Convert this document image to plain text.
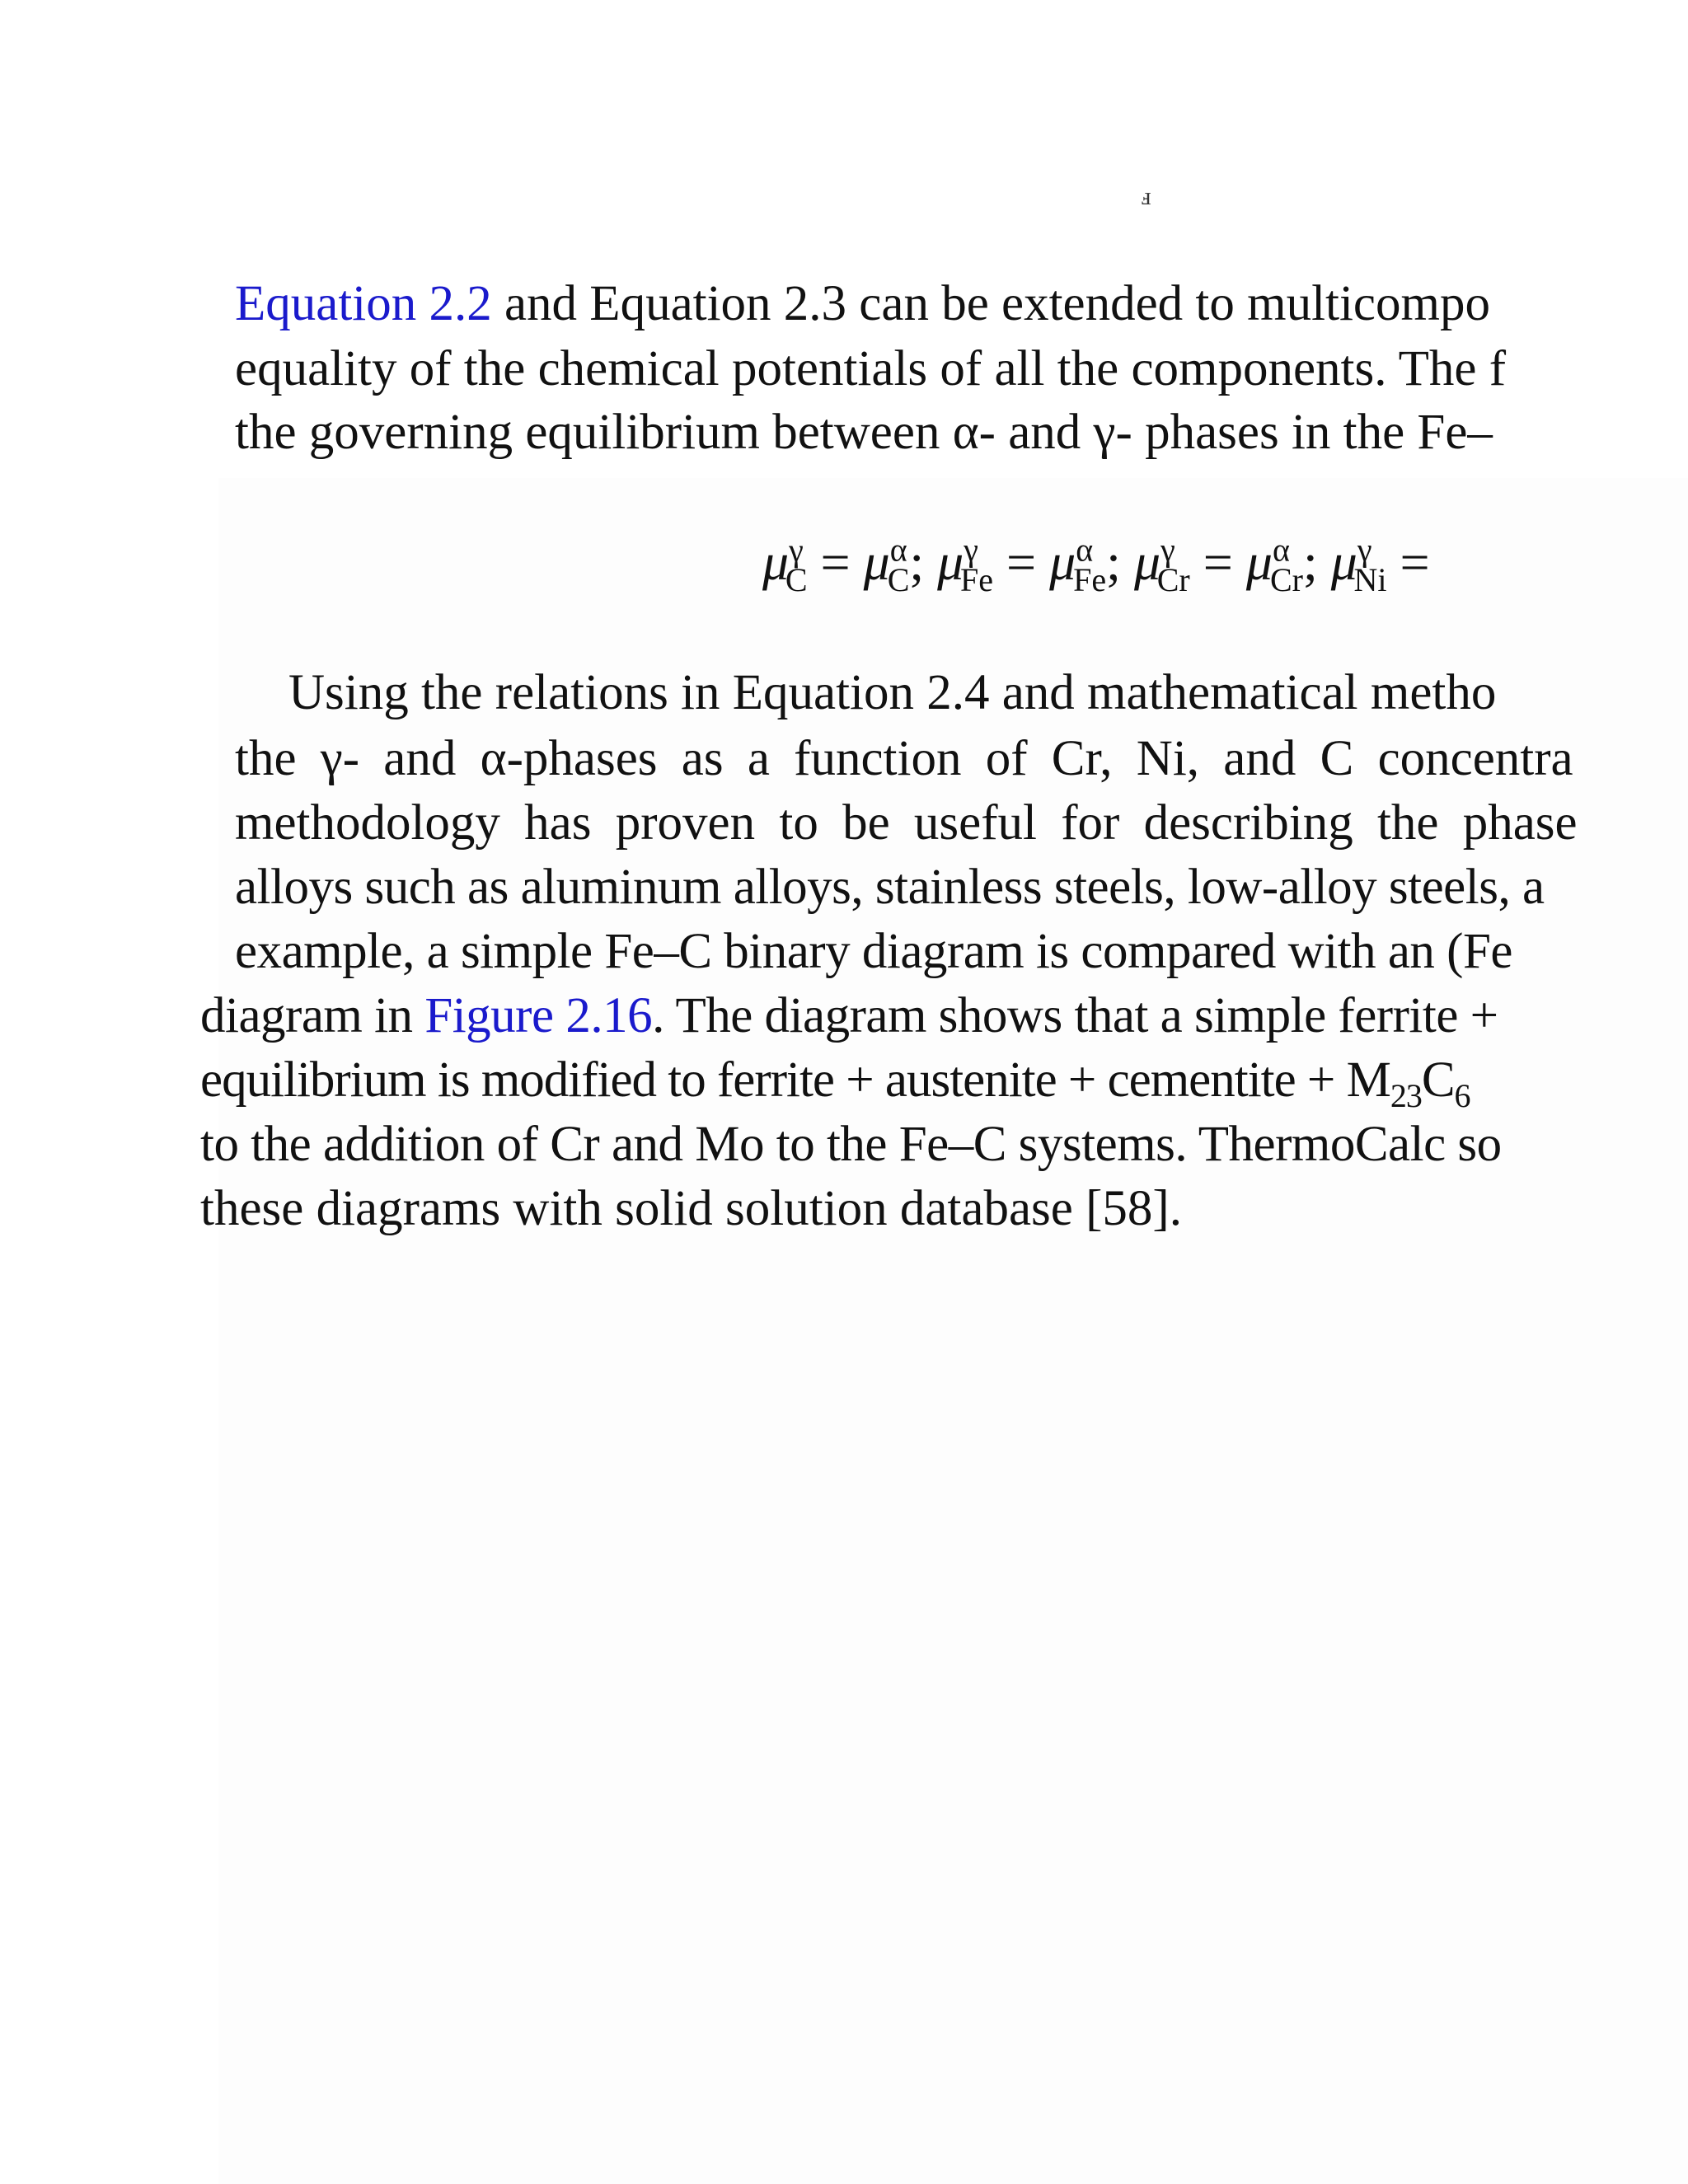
ⅎ
Equation 2.2 and Equation 2.3 can be extended to multicompo
equality of the chemical potentials of all the components. The f
the governing equilibrium between α- and γ- phases in the Fe–
$\mu^\gamma_C = \mu^\alpha_C$; $\mu^\gamma_{Fe} = \mu^\alpha_{Fe}$; $\mu^\gamma_{Cr} = \mu^\alpha_{Cr}$; $\mu^\gamma_{Ni}$ =
Using the relations in Equation 2.4 and mathematical metho
the γ- and α-phases as a function of Cr, Ni, and C concentra
methodology has proven to be useful for describing the phase
alloys such as aluminum alloys, stainless steels, low-alloy steels, a
example, a simple Fe–C binary diagram is compared with an (Fe
diagram in Figure 2.16. The diagram shows that a simple ferrite +
equilibrium is modified to ferrite + austenite + cementite + $M_{23}C_6$
to the addition of Cr and Mo to the Fe–C systems. ThermoCalc so
these diagrams with solid solution database [58].
